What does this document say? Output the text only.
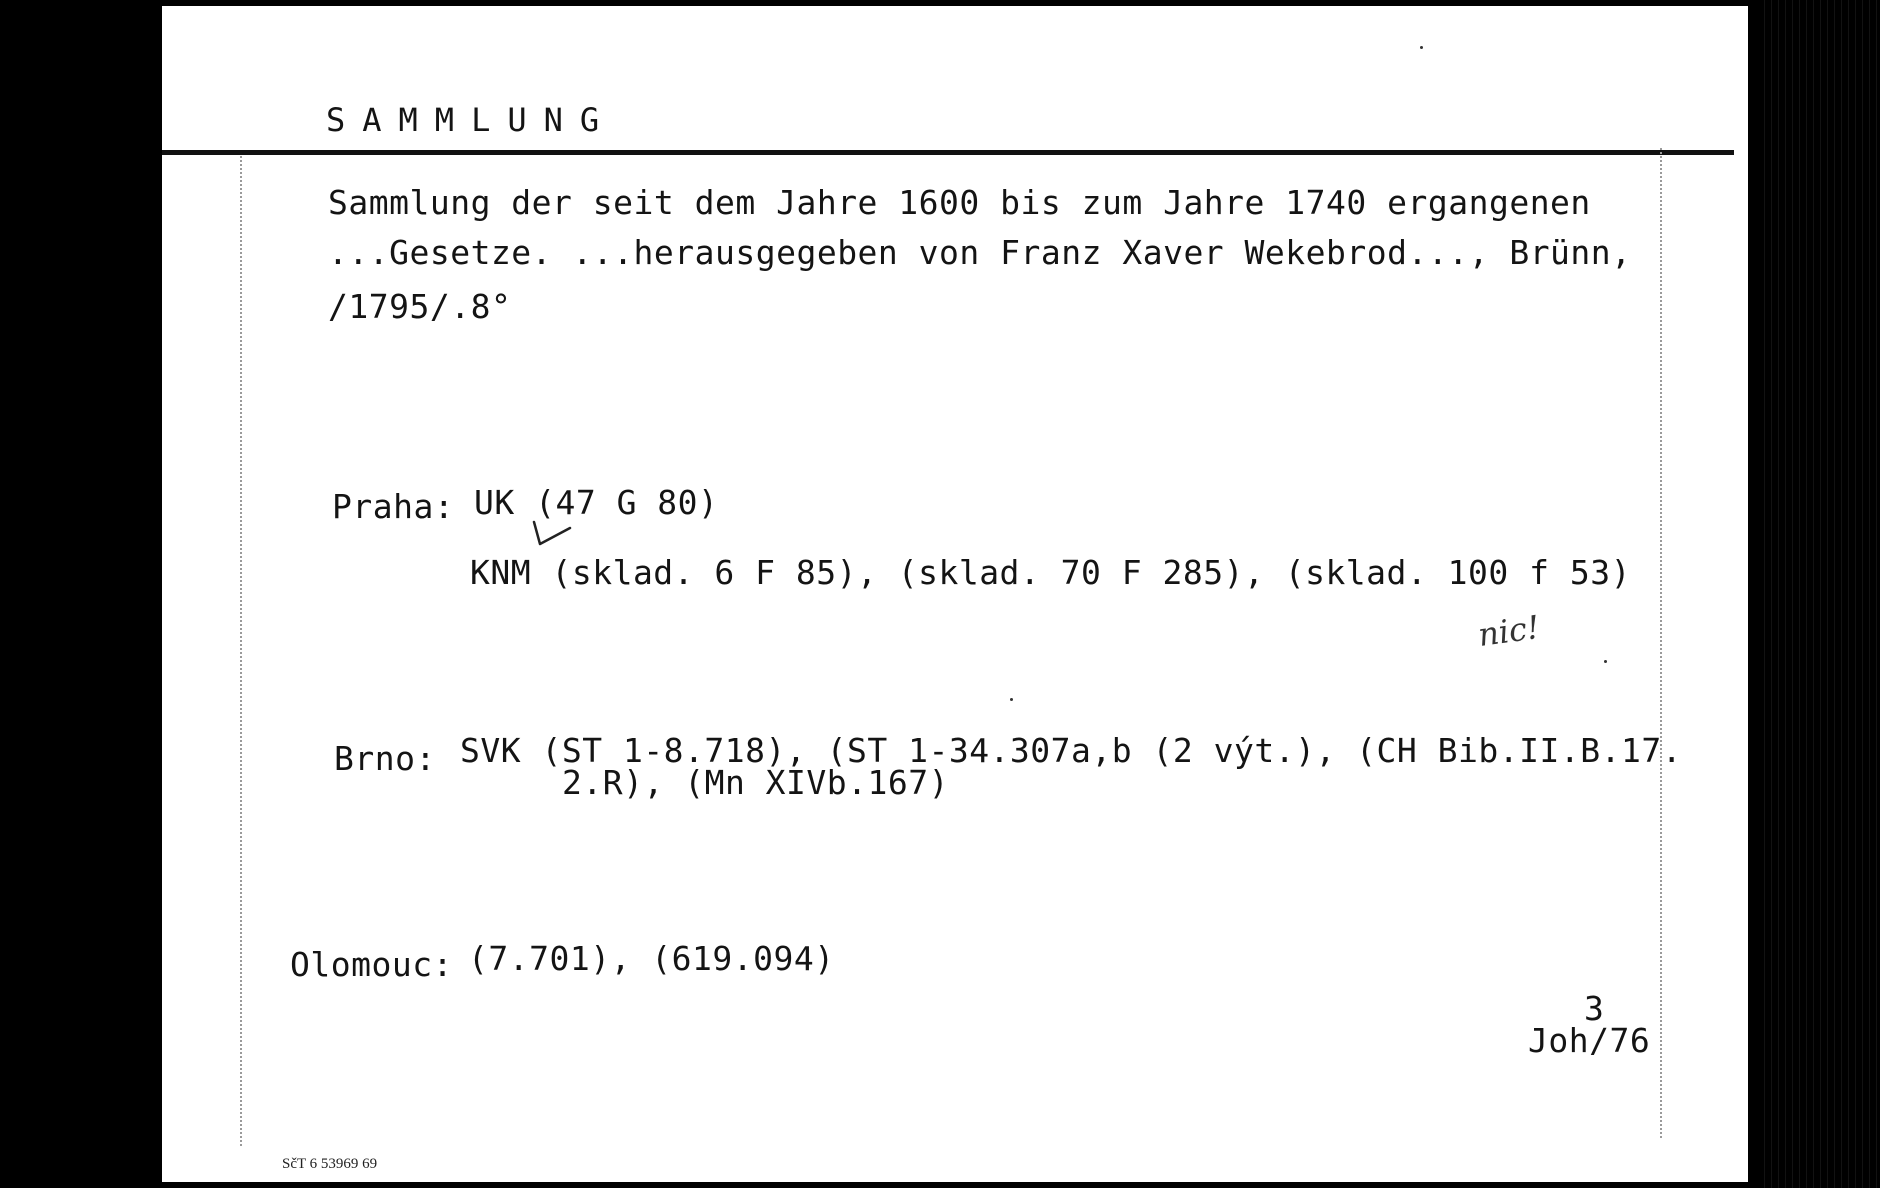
SAMMLUNG
Sammlung der seit dem Jahre 1600 bis zum Jahre 1740 ergangenen
...Gesetze. ...herausgegeben von Franz Xaver Wekebrod..., Brünn,
/1795/.8°
Praha: UK (47 G 80)
KNM (sklad. 6 F 85), (sklad. 70 F 285), (sklad. 100 f 53)
nic!
Brno: SVK (ST 1-8.718), (ST 1-34.307a,b (2 výt.), (CH Bib.II.B.17.
2.R), (Mn XIVb.167)
Olomouc: (7.701), (619.094)
3
Joh/76
SčT 6 53969 69
